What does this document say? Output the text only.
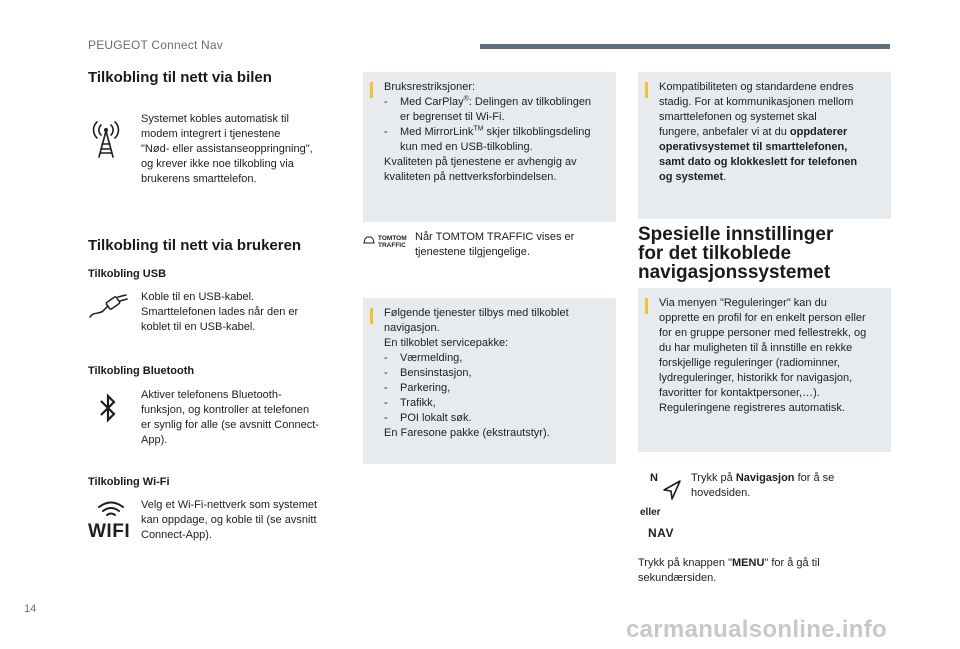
PEUGEOT Connect Nav
Tilkobling til nett via bilen

Systemet kobles automatisk til

modem integrert i tjenestene

"Nød- eller assistanseoppringning",

og krever ikke noe tilkobling via

brukerens smarttelefon.

Tilkobling til nett via brukeren
Tilkobling USB

Koble til en USB-kabel.

Smarttelefonen lades når den er

koblet til en USB-kabel.

Tilkobling Bluetooth

Aktiver telefonens Bluetooth-

funksjon, og kontroller at telefonen

er synlig for alle (se avsnitt Connect-

App).

Tilkobling Wi-Fi
WIFI

Velg et Wi-Fi-nettverk som systemet

kan oppdage, og koble til (se avsnitt

Connect-App).

Bruksrestriksjoner:

- Med CarPlay®: Delingen av tilkoblingen
er begrenset til Wi-Fi.
- Med MirrorLink™ skjer tilkoblingsdeling
kun med en USB-tilkobling.

Kvaliteten på tjenestene er avhengig av

kvaliteten på nettverksforbindelsen.

TOMTOM
TRAFFIC

Når TOMTOM TRAFFIC vises er

tjenestene tilgjengelige.

Følgende tjenester tilbys med tilkoblet

navigasjon.

En tilkoblet servicepakke:

- Værmelding,
- Bensinstasjon,
- Parkering,
- Trafikk,
- POI lokalt søk.

En Faresone pakke (ekstrautstyr).

Kompatibiliteten og standardene endres

stadig. For at kommunikasjonen mellom

smarttelefonen og systemet skal

fungere, anbefaler vi at du oppdaterer

operativsystemet til smarttelefonen,

samt dato og klokkeslett for telefonen

og systemet.

Spesielle innstillinger
for det tilkoblede
navigasjonssystemet

Via menyen "Reguleringer" kan du

opprette en profil for en enkelt person eller

for en gruppe personer med fellestrekk, og

du har muligheten til å innstille en rekke

forskjellige reguleringer (radiominner,

lydreguleringer, historikk for navigasjon,

favoritter for kontaktpersoner,…).

Reguleringene registreres automatisk.

N
eller
NAV

Trykk på Navigasjon for å se

hovedsiden.

Trykk på knappen "MENU" for å gå til

sekundærsiden.

14
carmanualsonline.info
